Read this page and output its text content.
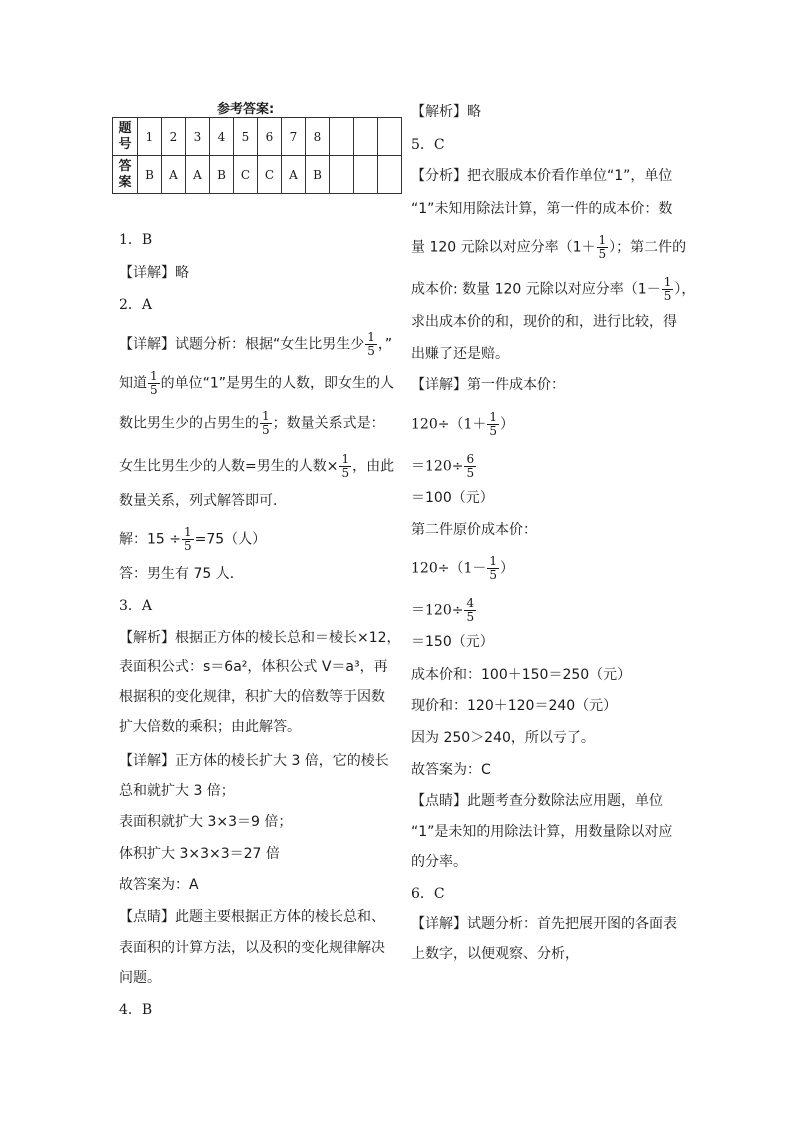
参考答案:
题
号	1	2	3	4	5	6	7	8			
答
案	B	A	A	B	C	C	A	B			
1．B
【详解】略
2．A
【详解】试题分析：根据“女生比男生少 $\frac{1}{5}$ ，”
知道 $\frac{1}{5}$ 的单位“1”是男生的人数，即女生的人
数比男生少的占男生的 $\frac{1}{5}$ ；数量关系式是：
女生比男生少的人数=男生的人数× $\frac{1}{5}$ ，由此
数量关系，列式解答即可．
解：$15 \div \frac{1}{5} =75$（人）
答：男生有 75 人．
3．A
【解析】根据正方体的棱长总和＝棱长×12，
表面积公式：s＝6a²，体积公式 V＝a³，再
根据积的变化规律，积扩大的倍数等于因数
扩大倍数的乘积；由此解答。
【详解】正方体的棱长扩大 3 倍，它的棱长
总和就扩大 3 倍；
表面积就扩大 3×3＝9 倍；
体积扩大 3×3×3＝27 倍
故答案为：A
【点睛】此题主要根据正方体的棱长总和、
表面积的计算方法，以及积的变化规律解决
问题。
4．B
【解析】略
5．C
【分析】把衣服成本价看作单位“1”，单位
“1”未知用除法计算，第一件的成本价：数
量 120 元除以对应分率（$1+ \frac{1}{5}$ ）；第二件的
成本价: 数量 120 元除以对应分率（$1- \frac{1}{5}$ ），
求出成本价的和，现价的和，进行比较，得
出赚了还是赔。
【详解】第一件成本价：
$120\div(1+ \frac{1}{5}$ ）
$=120\div \frac{6}{5}$
＝100（元）
第二件原价成本价：
$120\div(1- \frac{1}{5}$ ）
$=120\div \frac{4}{5}$
＝150（元）
成本价和：100＋150＝250（元）
现价和：120＋120＝240（元）
因为 250＞240，所以亏了。
故答案为：C
【点睛】此题考查分数除法应用题，单位
“1”是未知的用除法计算，用数量除以对应
的分率。
6．C
【详解】试题分析：首先把展开图的各面表
上数字，以便观察、分析，
